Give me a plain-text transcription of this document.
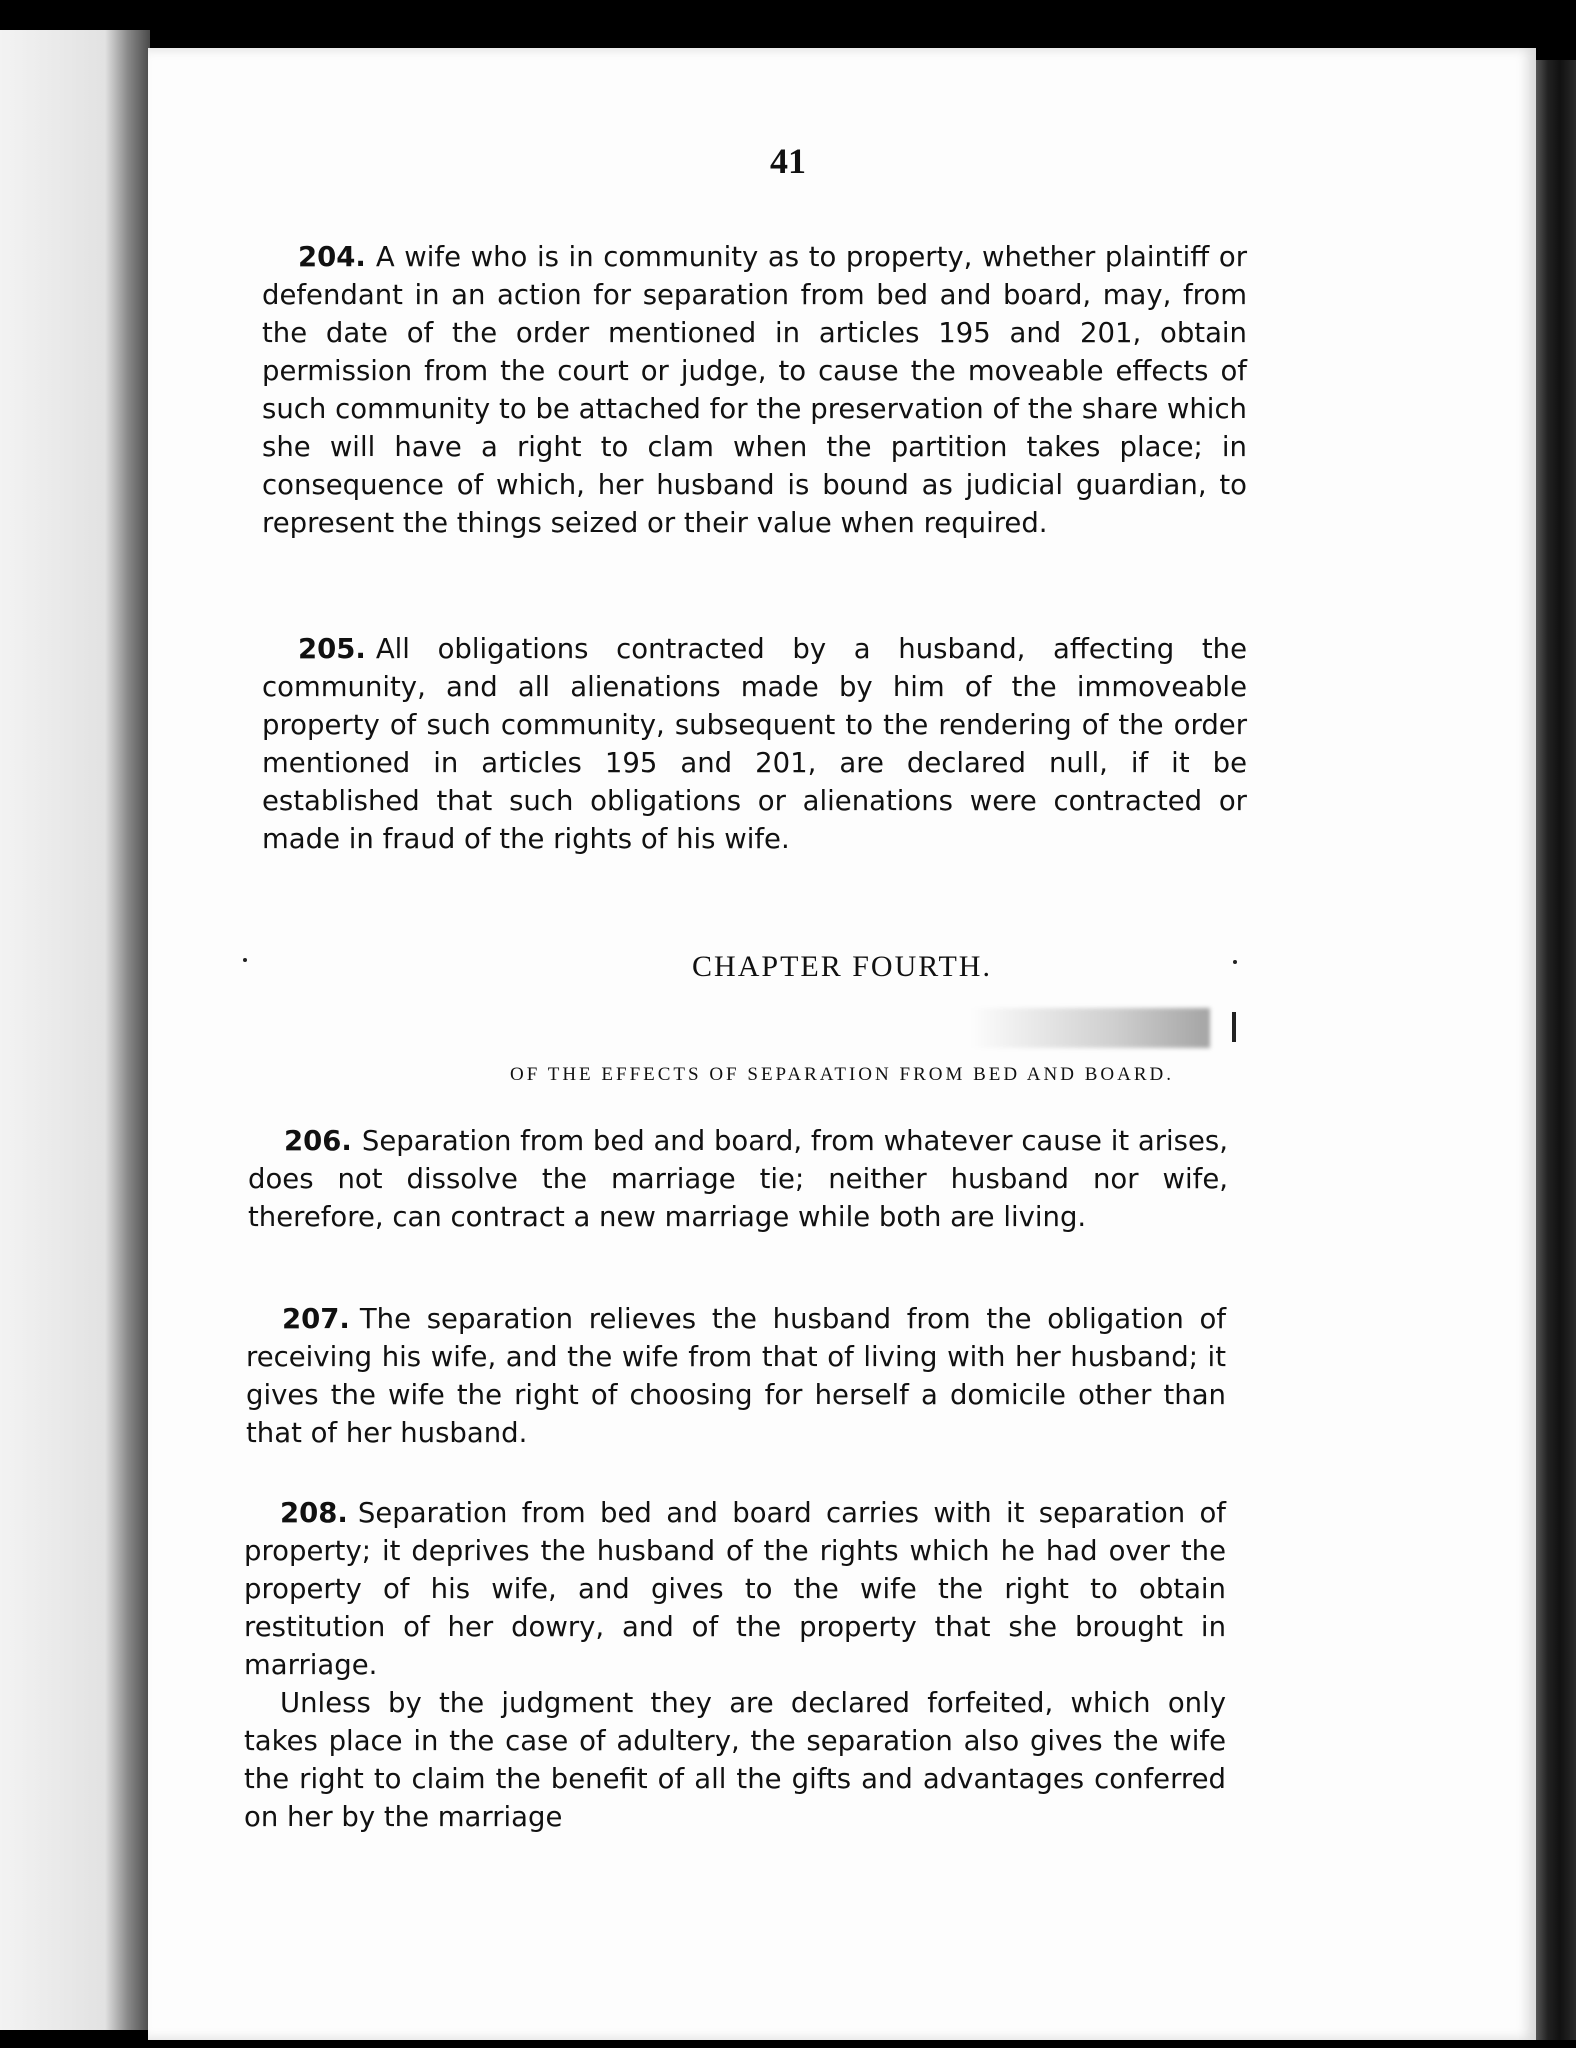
41

204. A wife who is in community as to property, whether plaintiff or defendant in an action for separation from bed and board, may, from the date of the order mentioned in articles 195 and 201, obtain permission from the court or judge, to cause the moveable effects of such community to be attached for the preservation of the share which she will have a right to clam when the partition takes place; in consequence of which, her husband is bound as judicial guardian, to represent the things seized or their value when required.

205. All obligations contracted by a husband, affecting the community, and all alienations made by him of the immoveable property of such community, subsequent to the rendering of the order mentioned in articles 195 and 201, are declared null, if it be established that such obligations or alienations were contracted or made in fraud of the rights of his wife.

CHAPTER FOURTH.
OF THE EFFECTS OF SEPARATION FROM BED AND BOARD.

206. Separation from bed and board, from whatever cause it arises, does not dissolve the marriage tie; neither husband nor wife, therefore, can contract a new marriage while both are living.

207. The separation relieves the husband from the obligation of receiving his wife, and the wife from that of living with her husband; it gives the wife the right of choosing for herself a domicile other than that of her husband.

208. Separation from bed and board carries with it separation of property; it deprives the husband of the rights which he had over the property of his wife, and gives to the wife the right to obtain restitution of her dowry, and of the property that she brought in marriage.

Unless by the judgment they are declared forfeited, which only takes place in the case of adultery, the separation also gives the wife the right to claim the benefit of all the gifts and advantages conferred on her by the marriage
